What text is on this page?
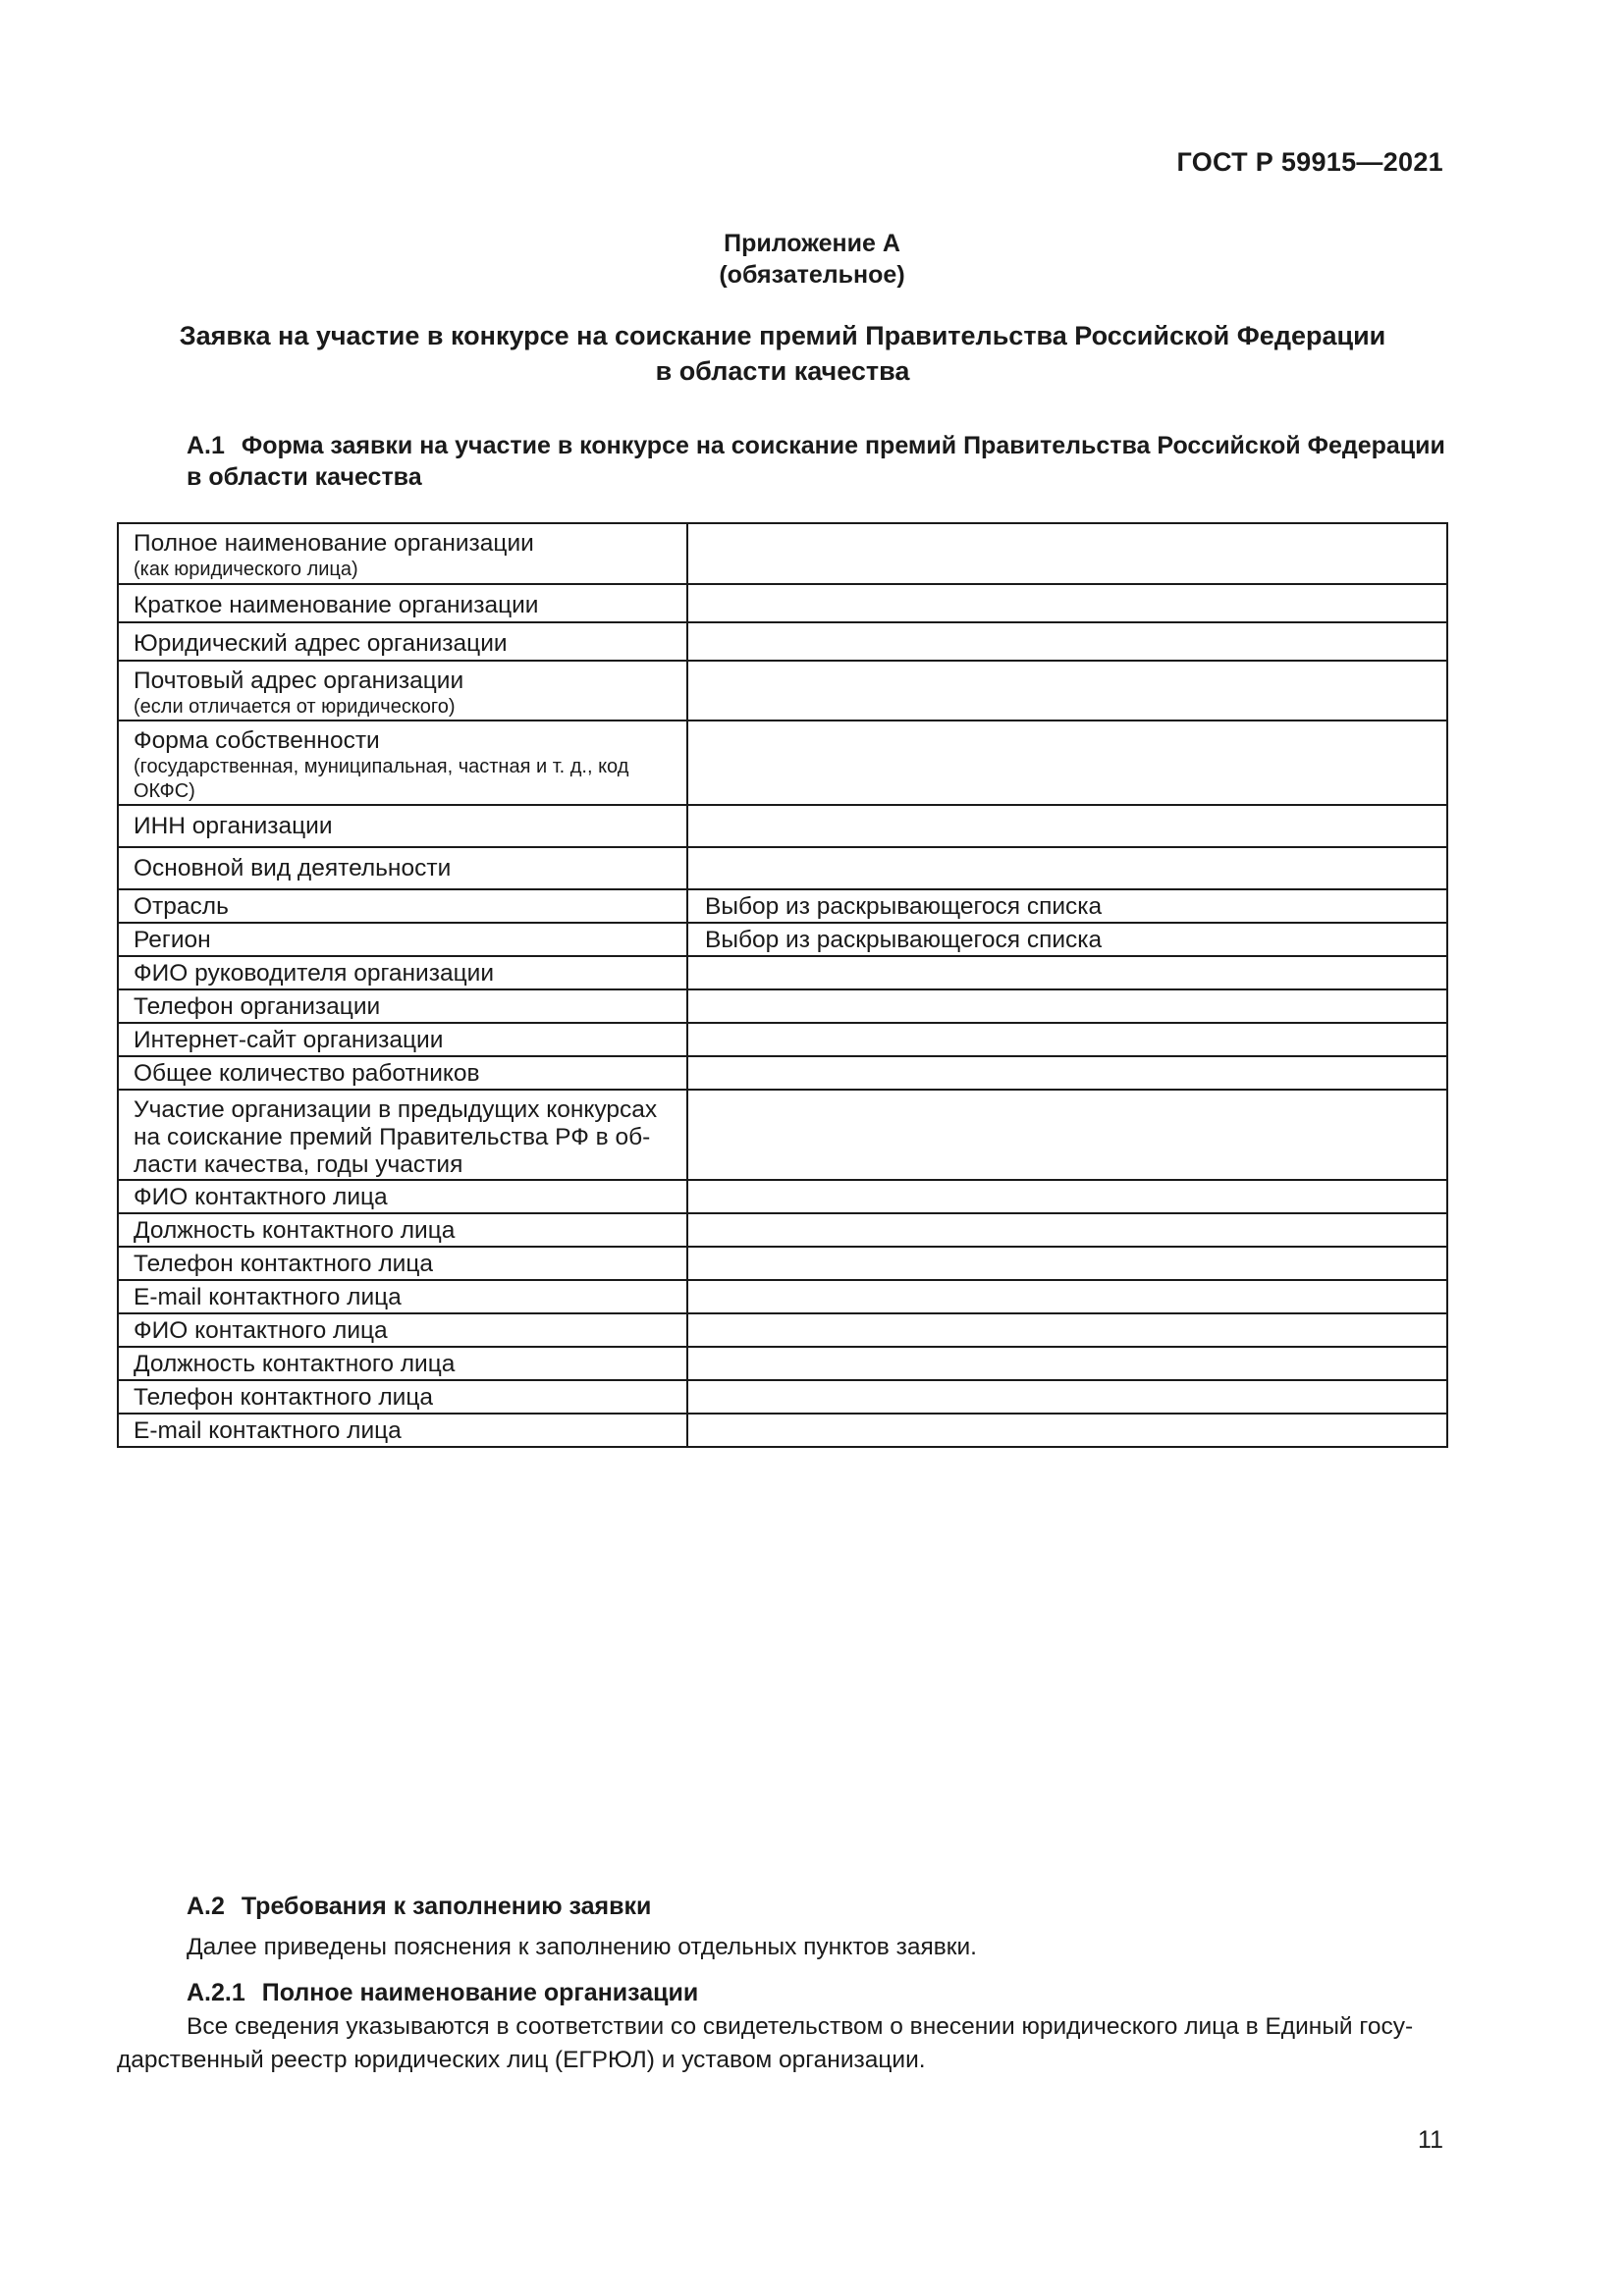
ГОСТ Р 59915—2021
Приложение А
(обязательное)
Заявка на участие в конкурсе на соискание премий Правительства Российской Федерации
в области качества
А.1 Форма заявки на участие в конкурсе на соискание премий Правительства Российской Федерации
в области качества
Полное наименование организации
(как юридического лица)	

Краткое наименование организации	

Юридический адрес организации	

Почтовый адрес организации
(если отличается от юридического)	

Форма собственности
(государственная, муниципальная, частная и т. д., код ОКФС)	

ИНН организации	

Основной вид деятельности	

Отрасль	Выбор из раскрывающегося списка

Регион	Выбор из раскрывающегося списка

ФИО руководителя организации	

Телефон организации	

Интернет-сайт организации	

Общее количество работников	

Участие организации в предыдущих конкурсах на соискание премий Правительства РФ в области качества, годы участия	

ФИО контактного лица	

Должность контактного лица	

Телефон контактного лица	

E-mail контактного лица	

ФИО контактного лица	

Должность контактного лица	

Телефон контактного лица	

E-mail контактного лица	

А.2 Требования к заполнению заявки
Далее приведены пояснения к заполнению отдельных пунктов заявки.
А.2.1 Полное наименование организации
Все сведения указываются в соответствии со свидетельством о внесении юридического лица в Единый госу-
дарственный реестр юридических лиц (ЕГРЮЛ) и уставом организации.
11
